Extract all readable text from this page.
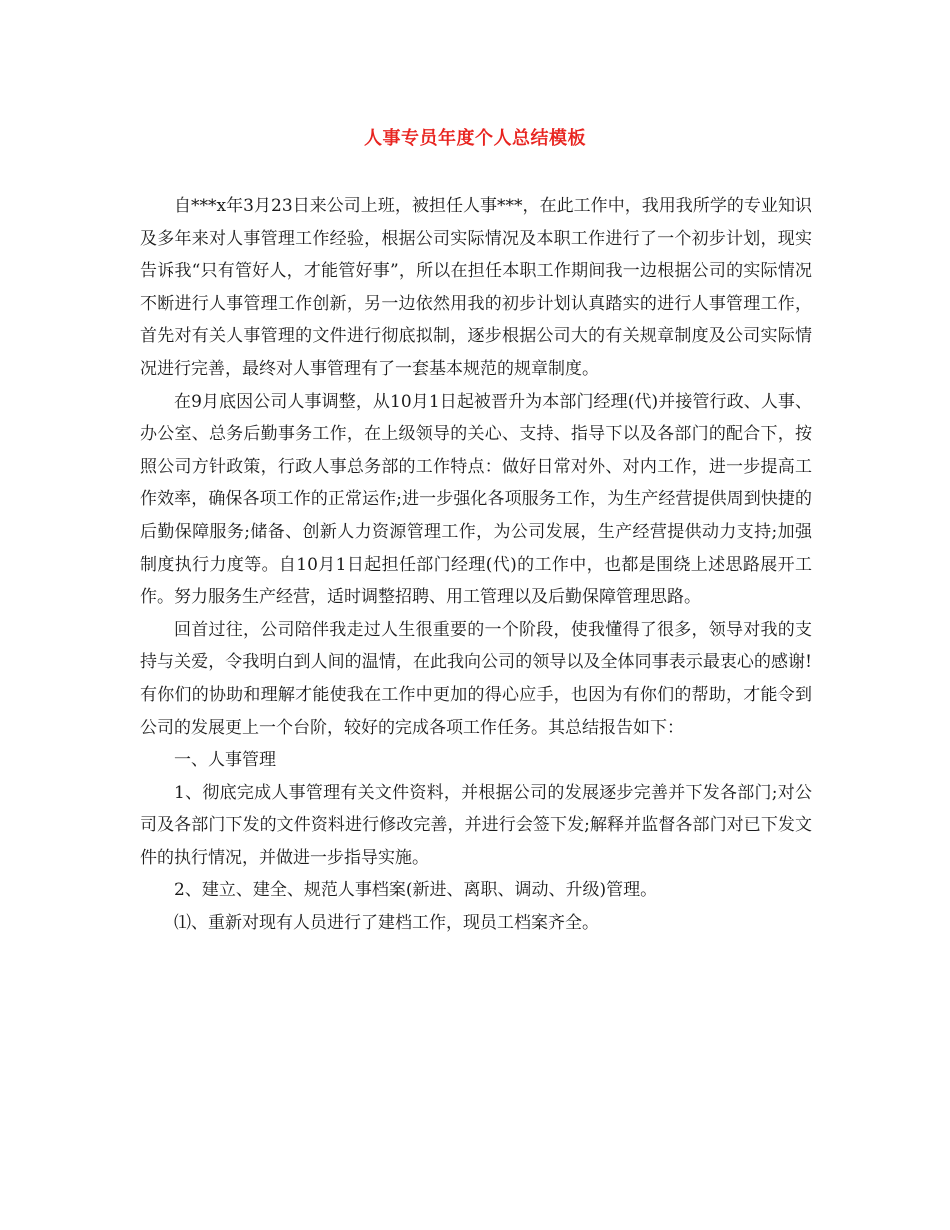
人事专员年度个人总结模板

自***x年3月23日来公司上班，被担任人事***，在此工作中，我用我所学的专业知识及多年来对人事管理工作经验，根据公司实际情况及本职工作进行了一个初步计划，现实告诉我“只有管好人，才能管好事”，所以在担任本职工作期间我一边根据公司的实际情况不断进行人事管理工作创新，另一边依然用我的初步计划认真踏实的进行人事管理工作，首先对有关人事管理的文件进行彻底拟制，逐步根据公司大的有关规章制度及公司实际情况进行完善，最终对人事管理有了一套基本规范的规章制度。

在9月底因公司人事调整，从10月1日起被晋升为本部门经理(代)并接管行政、人事、办公室、总务后勤事务工作，在上级领导的关心、支持、指导下以及各部门的配合下，按照公司方针政策，行政人事总务部的工作特点：做好日常对外、对内工作，进一步提高工作效率，确保各项工作的正常运作;进一步强化各项服务工作，为生产经营提供周到快捷的后勤保障服务;储备、创新人力资源管理工作，为公司发展，生产经营提供动力支持;加强制度执行力度等。自10月1日起担任部门经理(代)的工作中，也都是围绕上述思路展开工作。努力服务生产经营，适时调整招聘、用工管理以及后勤保障管理思路。

回首过往，公司陪伴我走过人生很重要的一个阶段，使我懂得了很多，领导对我的支持与关爱，令我明白到人间的温情，在此我向公司的领导以及全体同事表示最衷心的感谢!有你们的协助和理解才能使我在工作中更加的得心应手，也因为有你们的帮助，才能令到公司的发展更上一个台阶，较好的完成各项工作任务。其总结报告如下：

一、人事管理

1、彻底完成人事管理有关文件资料，并根据公司的发展逐步完善并下发各部门;对公司及各部门下发的文件资料进行修改完善，并进行会签下发;解释并监督各部门对已下发文件的执行情况，并做进一步指导实施。

2、建立、建全、规范人事档案(新进、离职、调动、升级)管理。

⑴、重新对现有人员进行了建档工作，现员工档案齐全。
